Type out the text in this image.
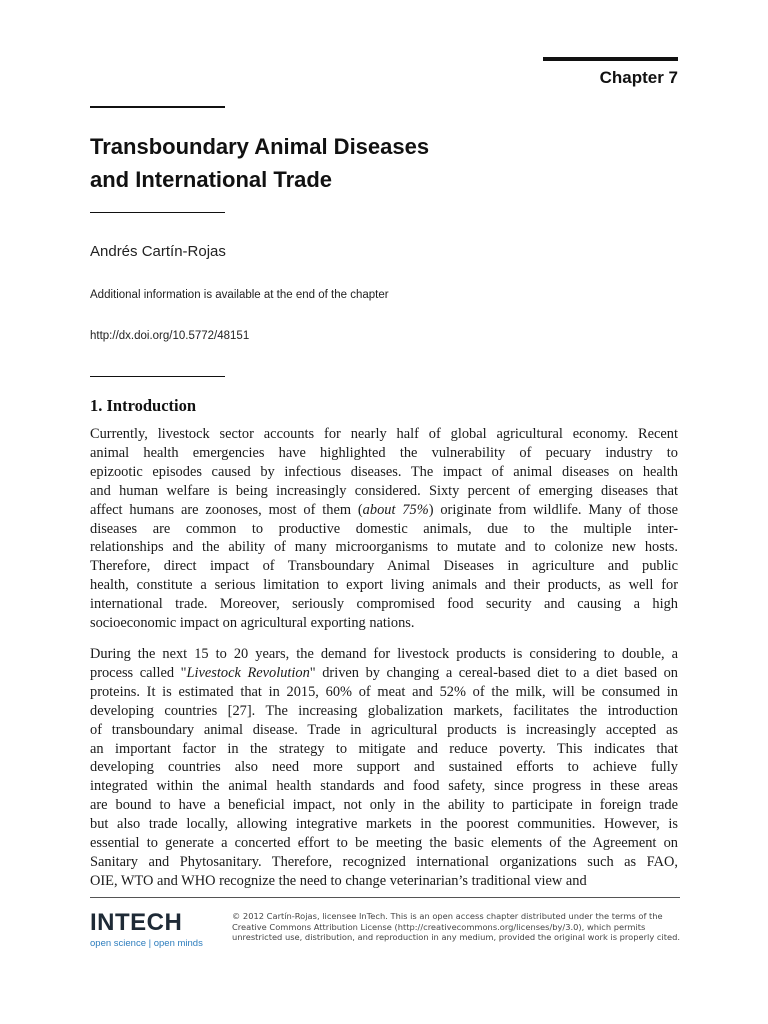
Chapter 7
Transboundary Animal Diseases
and International Trade
Andrés Cartín-Rojas
Additional information is available at the end of the chapter
http://dx.doi.org/10.5772/48151
1. Introduction
Currently, livestock sector accounts for nearly half of global agricultural economy. Recent
animal health emergencies have highlighted the vulnerability of pecuary industry to
epizootic episodes caused by infectious diseases. The impact of animal diseases on health
and human welfare is being increasingly considered. Sixty percent of emerging diseases that
affect humans are zoonoses, most of them (about 75%) originate from wildlife. Many of those
diseases are common to productive domestic animals, due to the multiple inter-
relationships and the ability of many microorganisms to mutate and to colonize new hosts.
Therefore, direct impact of Transboundary Animal Diseases in agriculture and public
health, constitute a serious limitation to export living animals and their products, as well for
international trade. Moreover, seriously compromised food security and causing a high
socioeconomic impact on agricultural exporting nations.
During the next 15 to 20 years, the demand for livestock products is considering to double, a
process called "Livestock Revolution" driven by changing a cereal-based diet to a diet based on
proteins. It is estimated that in 2015, 60% of meat and 52% of the milk, will be consumed in
developing countries [27]. The increasing globalization markets, facilitates the introduction
of transboundary animal disease. Trade in agricultural products is increasingly accepted as
an important factor in the strategy to mitigate and reduce poverty. This indicates that
developing countries also need more support and sustained efforts to achieve fully
integrated within the animal health standards and food safety, since progress in these areas
are bound to have a beneficial impact, not only in the ability to participate in foreign trade
but also trade locally, allowing integrative markets in the poorest communities. However, is
essential to generate a concerted effort to be meeting the basic elements of the Agreement on
Sanitary and Phytosanitary. Therefore, recognized international organizations such as FAO,
OIE, WTO and WHO recognize the need to change veterinarian’s traditional view and
INTECH
open science | open minds
© 2012 Cartín-Rojas, licensee InTech. This is an open access chapter distributed under the terms of the
Creative Commons Attribution License (http://creativecommons.org/licenses/by/3.0), which permits
unrestricted use, distribution, and reproduction in any medium, provided the original work is properly cited.
